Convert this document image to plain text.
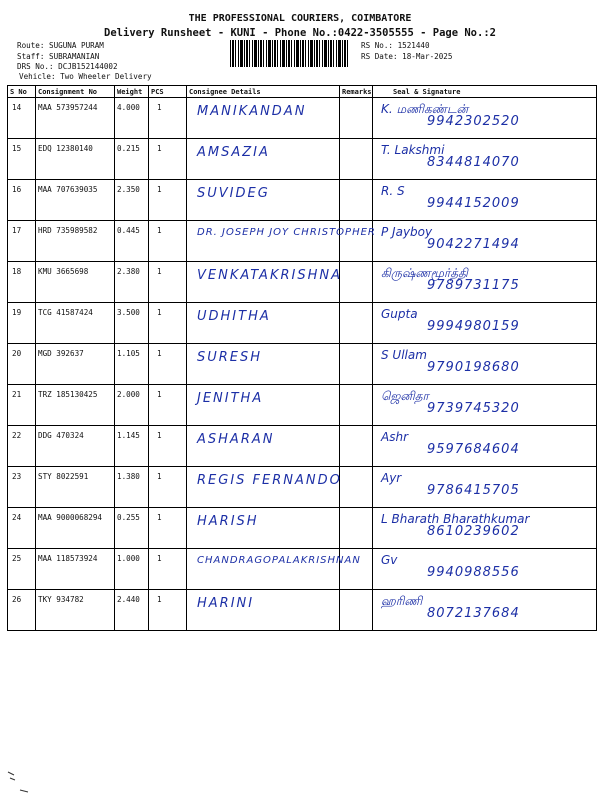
THE PROFESSIONAL COURIERS, COIMBATORE
Delivery Runsheet - KUNI - Phone No.:0422-3505555 - Page No.:2
Route: SUGUNA PURAM
Staff: SUBRAMANIAN
DRS No.: DCJB152144002
Vehicle: Two Wheeler Delivery
RS No.: 1521440
RS Date: 18-Mar-2025
S No	Consignment No	Weight	PCS	Consignee Details	Remarks	Seal & Signature
14	MAA 573957244	4.000	1	MANIKANDAN		K. மணிகண்டன்
9942302520

15	EDQ 12380140	0.215	1	AMSAZIA		T. Lakshmi
8344814070

16	MAA 707639035	2.350	1	SUVIDEG		R. S
9944152009

17	HRD 735989582	0.445	1	DR. JOSEPH JOY CHRISTOPHER		P Jayboy
9042271494

18	KMU 3665698	2.380	1	VENKATAKRISHNA		கிருஷ்ணமூர்த்தி
9789731175

19	TCG 41587424	3.500	1	UDHITHA		Gupta
9994980159

20	MGD 392637	1.105	1	SURESH		S Ullam
9790198680

21	TRZ 185130425	2.000	1	JENITHA		ஜெனிதா
9739745320

22	DDG 470324	1.145	1	ASHARAN		Ashr
9597684604

23	STY 8022591	1.380	1	REGIS FERNANDO		Ayr
9786415705

24	MAA 9000068294	0.255	1	HARISH		L Bharath Bharathkumar
8610239602

25	MAA 118573924	1.000	1	CHANDRAGOPALAKRISHNAN		Gv
9940988556

26	TKY 934782	2.440	1	HARINI		ஹரிணி
8072137684
